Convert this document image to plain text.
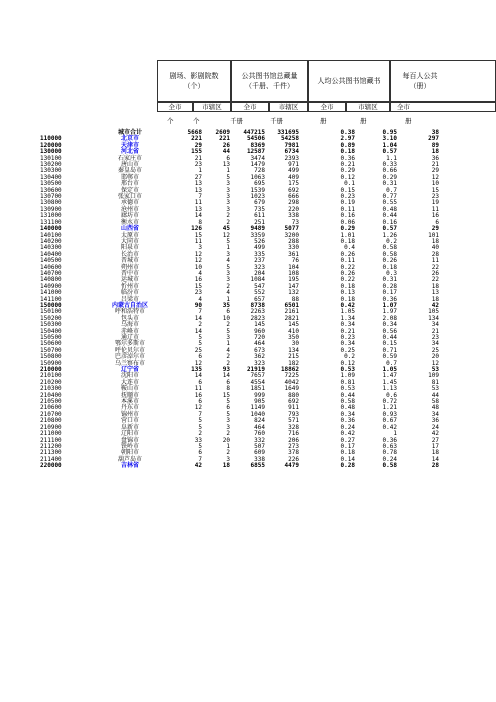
剧场、影剧院数（个）
公共图书馆总藏量（千册、千件）
人均公共图书馆藏书
每百人公共（册）
全市	市辖区	全市	市辖区	全市	市辖区	全市
个	个	千册	千册	册	册	册
	城市合计	5668	2609	447215	331695	0.38	0.95	38
110000	北京市	221	221	54506	54258	2.97	3.10	297
120000	天津市	29	26	8369	7981	0.89	1.04	89
130000	河北省	155	44	12587	6734	0.18	0.57	18
130100	石家庄市	21	6	3474	2393	0.36	1.1	36
130200	唐山市	23	13	1479	971	0.21	0.33	21
130300	秦皇岛市	1	1	728	499	0.29	0.66	29
130400	邯郸市	27	5	1063	409	0.12	0.29	12
130500	邢台市	13	3	695	175	0.1	0.31	10
130600	保定市	13	3	1539	692	0.15	0.7	15
130700	张家口市	7	3	1023	666	0.23	0.77	23
130800	承德市	11	3	679	298	0.19	0.55	19
130900	沧州市	13	3	735	220	0.11	0.48	11
131000	廊坊市	14	2	611	338	0.16	0.44	16
131100	衡水市	8	2	251	73	0.06	0.16	6
140000	山西省	126	45	9489	5077	0.29	0.57	29
140100	太原市	15	12	3359	3200	1.01	1.26	101
140200	大同市	11	5	526	288	0.18	0.2	18
140300	阳泉市	3	1	499	330	0.4	0.58	40
140400	长治市	12	3	335	361	0.26	0.58	28
140500	晋城市	12	4	237	76	0.11	0.26	11
140600	朔州市	10	5	323	104	0.22	0.18	22
140700	晋中市	4	3	204	108	0.26	0.3	26
140800	运城市	16	3	1084	195	0.22	0.31	22
140900	忻州市	15	2	547	147	0.18	0.28	18
141000	临汾市	23	4	552	132	0.13	0.17	13
141100	吕梁市	4	1	657	88	0.18	0.36	18
150000	内蒙古自治区	90	35	8738	6501	0.42	1.07	42
150100	呼和浩特市	7	6	2263	2161	1.05	1.97	105
150200	包头市	14	10	2823	2821	1.34	2.08	134
150300	乌海市	2	2	145	145	0.34	0.34	34
150400	赤峰市	14	5	960	410	0.21	0.56	21
150500	通辽市	5	3	720	350	0.23	0.44	23
150600	鄂尔多斯市	5	1	464	30	0.34	0.15	34
150700	呼伦贝尔市	25	4	673	134	0.25	0.71	25
150800	巴彦淖尔市	6	2	362	215	0.2	0.59	20
150900	乌兰察布市	12	2	323	182	0.12	0.7	12
210000	辽宁省	135	93	21919	18862	0.53	1.05	53
210100	沈阳市	14	14	7657	7225	1.09	1.47	109
210200	大连市	6	6	4554	4042	0.81	1.45	81
210300	鞍山市	11	8	1851	1649	0.53	1.13	53
210400	抚顺市	16	15	999	880	0.44	0.6	44
210500	本溪市	6	5	905	692	0.58	0.72	58
210600	丹东市	12	6	1149	911	0.48	1.21	48
210700	锦州市	7	5	1040	793	0.34	0.93	34
210800	营口市	5	3	824	571	0.36	0.67	36
210900	阜新市	5	3	464	328	0.24	0.42	24
211000	辽阳市	2	2	760	716	0.42	1	42
211100	盘锦市	33	20	332	206	0.27	0.36	27
211200	铁岭市	5	1	507	273	0.17	0.63	17
211300	朝阳市	6	2	609	378	0.18	0.78	18
211400	葫芦岛市	7	3	338	226	0.14	0.24	14
220000	吉林省	42	18	6855	4479	0.28	0.58	28
